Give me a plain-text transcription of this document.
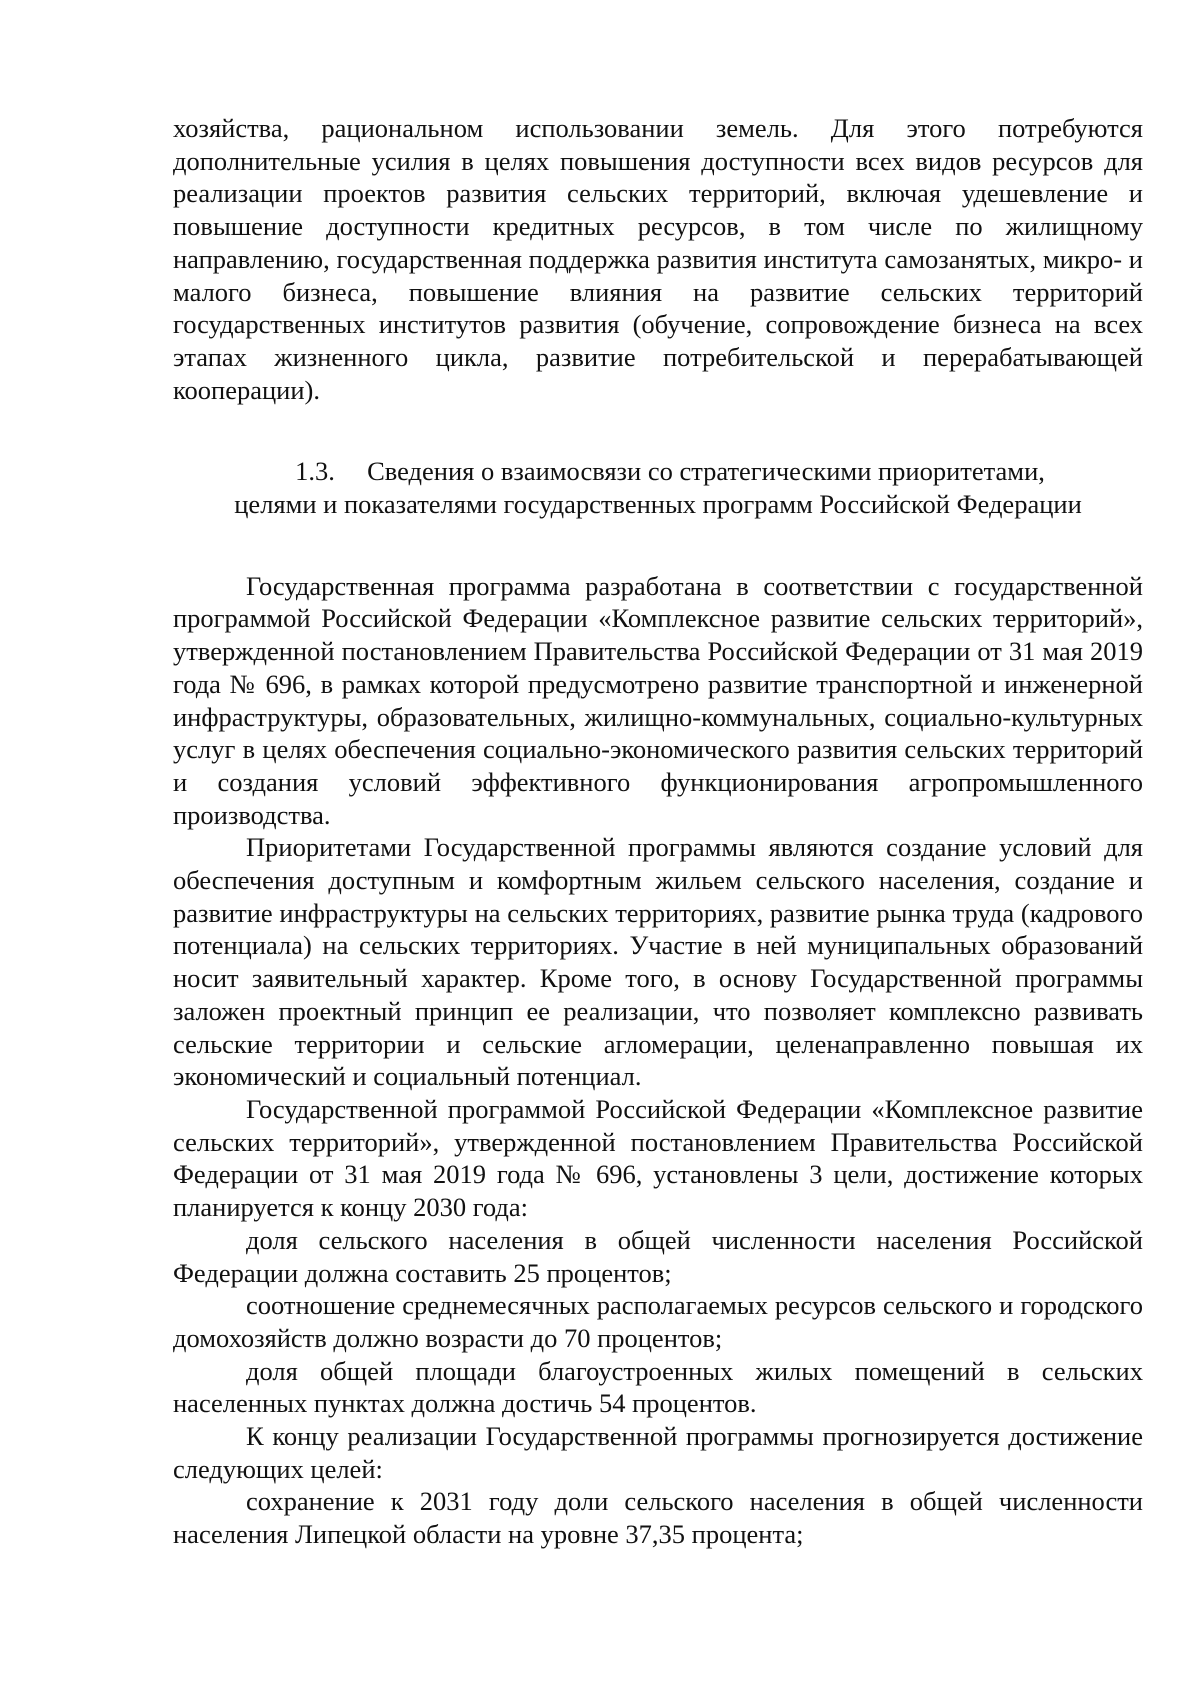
хозяйства, рациональном использовании земель. Для этого потребуются дополнительные усилия в целях повышения доступности всех видов ресурсов для реализации проектов развития сельских территорий, включая удешевление и повышение доступности кредитных ресурсов, в том числе по жилищному направлению, государственная поддержка развития института самозанятых, микро- и малого бизнеса, повышение влияния на развитие сельских территорий государственных институтов развития (обучение, сопровождение бизнеса на всех этапах жизненного цикла, развитие потребительской и перерабатывающей кооперации).

1.3. Сведения о взаимосвязи со стратегическими приоритетами,
целями и показателями государственных программ Российской Федерации

Государственная программа разработана в соответствии с государственной программой Российской Федерации «Комплексное развитие сельских территорий», утвержденной постановлением Правительства Российской Федерации от 31 мая 2019 года № 696, в рамках которой предусмотрено развитие транспортной и инженерной инфраструктуры, образовательных, жилищно-коммунальных, социально-культурных услуг в целях обеспечения социально-экономического развития сельских территорий и создания условий эффективного функционирования агропромышленного производства.

Приоритетами Государственной программы являются создание условий для обеспечения доступным и комфортным жильем сельского населения, создание и развитие инфраструктуры на сельских территориях, развитие рынка труда (кадрового потенциала) на сельских территориях. Участие в ней муниципальных образований носит заявительный характер. Кроме того, в основу Государственной программы заложен проектный принцип ее реализации, что позволяет комплексно развивать сельские территории и сельские агломерации, целенаправленно повышая их экономический и социальный потенциал.

Государственной программой Российской Федерации «Комплексное развитие сельских территорий», утвержденной постановлением Правительства Российской Федерации от 31 мая 2019 года № 696, установлены 3 цели, достижение которых планируется к концу 2030 года:

доля сельского населения в общей численности населения Российской Федерации должна составить 25 процентов;

соотношение среднемесячных располагаемых ресурсов сельского и городского домохозяйств должно возрасти до 70 процентов;

доля общей площади благоустроенных жилых помещений в сельских населенных пунктах должна достичь 54 процентов.

К концу реализации Государственной программы прогнозируется достижение следующих целей:

сохранение к 2031 году доли сельского населения в общей численности населения Липецкой области на уровне 37,35 процента;
